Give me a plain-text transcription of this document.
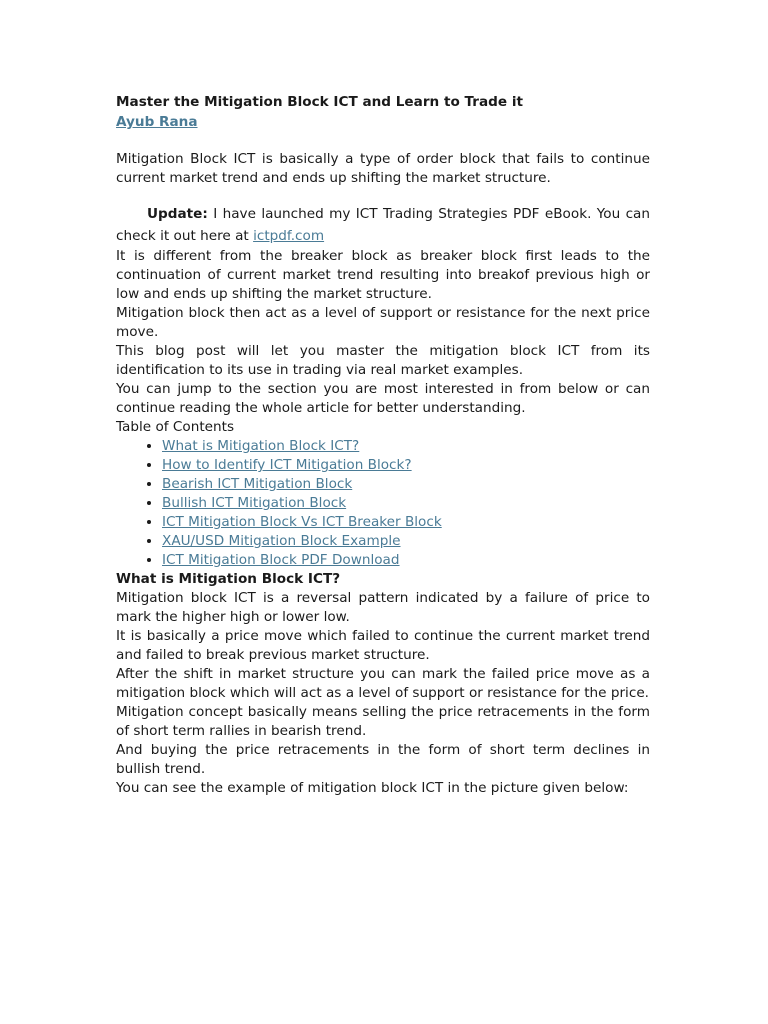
Master the Mitigation Block ICT and Learn to Trade it
Ayub Rana

Mitigation Block ICT is basically a type of order block that fails to continue current market trend and ends up shifting the market structure.

Update: I have launched my ICT Trading Strategies PDF eBook. You can check it out here at ictpdf.com

It is different from the breaker block as breaker block first leads to the continuation of current market trend resulting into breakof previous high or low and ends up shifting the market structure.

Mitigation block then act as a level of support or resistance for the next price move.

This blog post will let you master the mitigation block ICT from its identification to its use in trading via real market examples.

You can jump to the section you are most interested in from below or can continue reading the whole article for better understanding.

Table of Contents
• What is Mitigation Block ICT?
• How to Identify ICT Mitigation Block?
• Bearish ICT Mitigation Block
• Bullish ICT Mitigation Block
• ICT Mitigation Block Vs ICT Breaker Block
• XAU/USD Mitigation Block Example
• ICT Mitigation Block PDF Download
What is Mitigation Block ICT?

Mitigation block ICT is a reversal pattern indicated by a failure of price to mark the higher high or lower low.

It is basically a price move which failed to continue the current market trend and failed to break previous market structure.

After the shift in market structure you can mark the failed price move as a mitigation block which will act as a level of support or resistance for the price.

Mitigation concept basically means selling the price retracements in the form of short term rallies in bearish trend.

And buying the price retracements in the form of short term declines in bullish trend.

You can see the example of mitigation block ICT in the picture given below:
